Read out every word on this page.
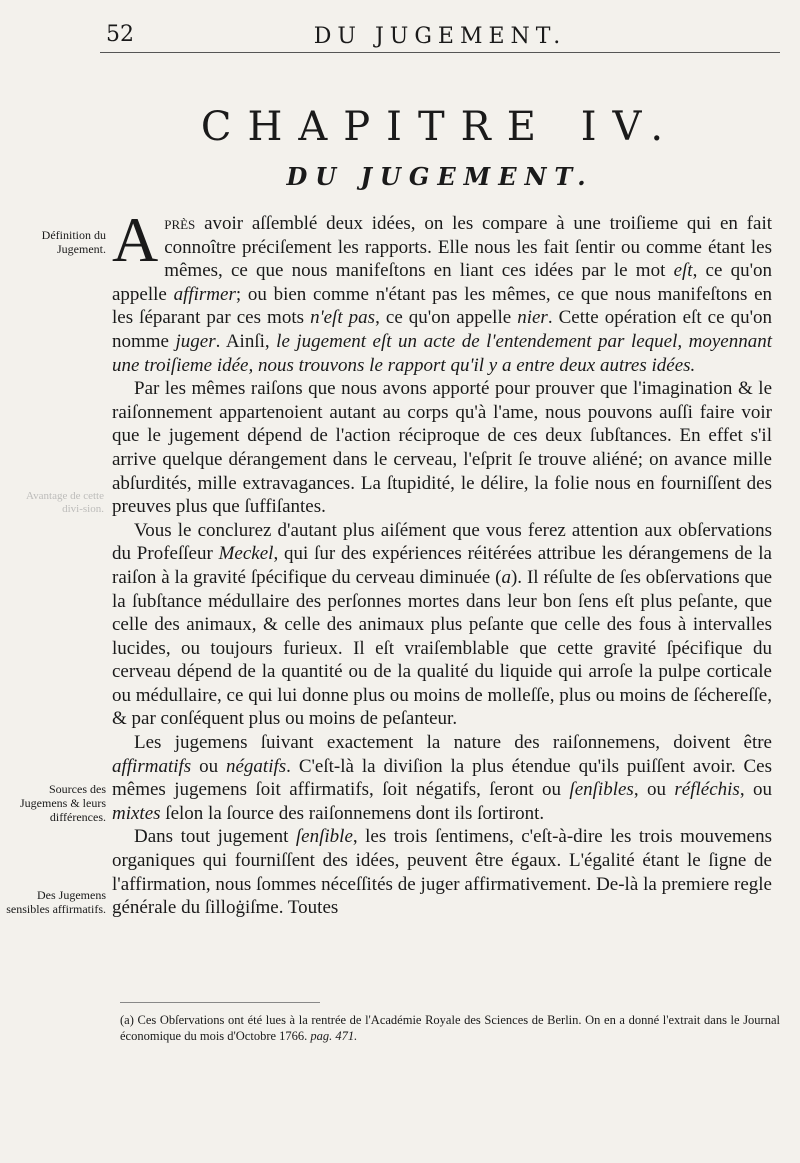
52	DU JUGEMENT.
CHAPITRE IV.
DU JUGEMENT.
Définition du Jugement.
Avantage de cette divi-sion.
Sources des Jugemens & leurs différences.
Des Jugemens sensibles affirmatifs.

Après avoir aſſemblé deux idées, on les compare à une troiſieme qui en fait connoître préciſement les rapports. Elle nous les fait ſentir ou comme étant les mêmes, ce que nous manifeſtons en liant ces idées par le mot eſt, ce qu'on appelle affirmer; ou bien comme n'étant pas les mêmes, ce que nous manifeſtons en les ſéparant par ces mots n'eſt pas, ce qu'on appelle nier. Cette opération eſt ce qu'on nomme juger. Ainſi, le jugement eſt un acte de l'entendement par lequel, moyennant une troiſieme idée, nous trouvons le rapport qu'il y a entre deux autres idées.

Par les mêmes raiſons que nous avons apporté pour prouver que l'imagination & le raiſonnement appartenoient autant au corps qu'à l'ame, nous pouvons auſſi faire voir que le jugement dépend de l'action réciproque de ces deux ſubſtances. En effet s'il arrive quelque dérangement dans le cerveau, l'eſprit ſe trouve aliéné; on avance mille abſurdités, mille extravagances. La ſtupidité, le délire, la folie nous en fourniſſent des preuves plus que ſuffiſantes.

Vous le conclurez d'autant plus aiſément que vous ferez attention aux obſervations du Profeſſeur Meckel, qui ſur des expériences réitérées attribue les dérangemens de la raiſon à la gravité ſpécifique du cerveau diminuée (a). Il réſulte de ſes obſervations que la ſubſtance médullaire des perſonnes mortes dans leur bon ſens eſt plus peſante, que celle des animaux, & celle des animaux plus peſante que celle des fous à intervalles lucides, ou toujours furieux. Il eſt vraiſemblable que cette gravité ſpécifique du cerveau dépend de la quantité ou de la qualité du liquide qui arroſe la pulpe corticale ou médullaire, ce qui lui donne plus ou moins de molleſſe, plus ou moins de ſéchereſſe, & par conſéquent plus ou moins de peſanteur.

Les jugemens ſuivant exactement la nature des raiſonnemens, doivent être affirmatifs ou négatifs. C'eſt-là la diviſion la plus étendue qu'ils puiſſent avoir. Ces mêmes jugemens ſoit affirmatifs, ſoit négatifs, ſeront ou ſenſibles, ou réfléchis, ou mixtes ſelon la ſource des raiſonnemens dont ils ſortiront.

Dans tout jugement ſenſible, les trois ſentimens, c'eſt-à-dire les trois mouvemens organiques qui fourniſſent des idées, peuvent être égaux. L'égalité étant le ſigne de l'affirmation, nous ſommes néceſſités de juger affirmativement. De-là la premiere regle générale du ſilloġiſme. Toutes

(a) Ces Obſervations ont été lues à la rentrée de l'Académie Royale des Sciences de Berlin. On en a donné l'extrait dans le Journal économique du mois d'Octobre 1766. pag. 471.
